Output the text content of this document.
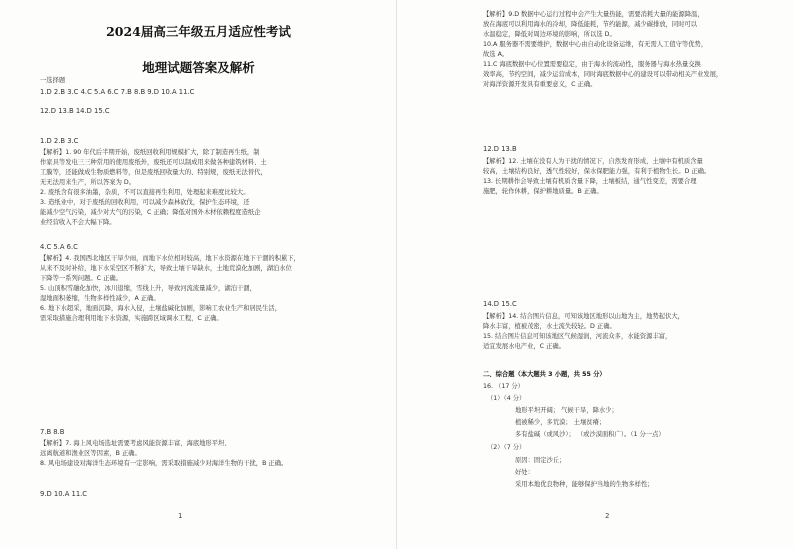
2024届高三年级五月适应性考试
地理试题答案及解析
一选择题
1.D 2.B 3.C 4.C 5.A 6.C 7.B 8.B 9.D 10.A 11.C
12.D 13.B 14.D 15.C
1.D 2.B 3.C
【解析】1. 90 年代后半期开始，废纸回收利用规模扩大，除了制造再生纸，制
作家具等发电三三种常用的使用废纸外，废纸还可以制成用来做各种建筑材料、土
工膜等，还能做成生物质燃料等，但是废纸回收量大的、特别规，废纸无法替代，
无无法用来生产，所以答案为 D。
2. 废纸含有很多油墨，杂质，不可以直接再生利用，处理起来难度比较大。
3. 造纸业中，对于废纸的回收利用，可以减少森林砍伐，保护生态环境，还
能减少空气污染，减少对大气的污染，C 正确；降低对国外木材依赖程度造纸企
业经营收入不会大幅下降。
4.C 5.A 6.C
【解析】4. 我国西北地区干旱少雨，而地下水位相对较高，地下水资源在地下干涸的积累下，
从来不及时补给，地下水采空区不断扩大，导致土壤干旱缺水，土地荒漠化加剧，湖泊水位
下降等一系列问题。C 正确。
5. 山顶积雪融化加快，冰川退缩，雪线上升，导致河流流量减少，湖泊干涸，
湿地面积萎缩，生物多样性减少，A 正确。
6. 地下水超采，地面沉降，海水入侵，土壤盐碱化加剧，影响工农业生产和居民生活，
需采取措施合理利用地下水资源，实施跨区域调水工程，C 正确。
7.B 8.B
【解析】7. 海上风电场选址需要考虑风能资源丰富、海底地形平坦、
远离航道和渔业区等因素，B 正确。
8. 风电场建设对海洋生态环境有一定影响，需采取措施减少对海洋生物的干扰，B 正确。
9.D 10.A 11.C
1
【解析】9.D 数据中心运行过程中会产生大量热能，需要消耗大量的能源降温，
放在海底可以利用海水的冷却，降低能耗，节约能源，减少碳排放，同时可以
水温稳定，降低对周边环境的影响，所以选 D。
10.A 服务器不需要维护，数据中心由自动化设备运维，有无需人工值守等优势，
故选 A。
11.C 海底数据中心位置需要稳定，由于海水的流动性，服务器与海水热量交换
效率高，节约空间，减少运营成本，同时海底数据中心的建设可以带动相关产业发展，
对海洋资源开发具有重要意义，C 正确。
12.D 13.B
【解析】12. 土壤在没有人为干扰的情况下，自然发育形成，土壤中有机质含量
较高，土壤结构良好，透气性较好，保水保肥能力强，有利于植物生长。D 正确。
13. 长期耕作会导致土壤有机质含量下降，土壤板结，通气性变差，需要合理
施肥，轮作休耕，保护耕地质量。B 正确。
14.D 15.C
【解析】14. 结合图片信息，可知该地区地形以山地为主，地势起伏大，
降水丰富，植被茂密，水土流失较轻。D 正确。
15. 结合图片信息可知该地区气候湿润，河流众多，水能资源丰富，
适宜发展水电产业，C 正确。
二、综合题（本大题共 3 小题，共 55 分）
16. （17 分）
（1）（4 分）
地形平坦开阔； 气候干旱，降水少；
植被稀少，多荒漠； 土壤贫瘠；
多有盐碱（或风沙）； （或沙漠面积广）。（1 分一点）
（2）（7 分）
原因：固定沙丘；
好处：
采用本地优良物种，能够保护当地的生物多样性；
2
